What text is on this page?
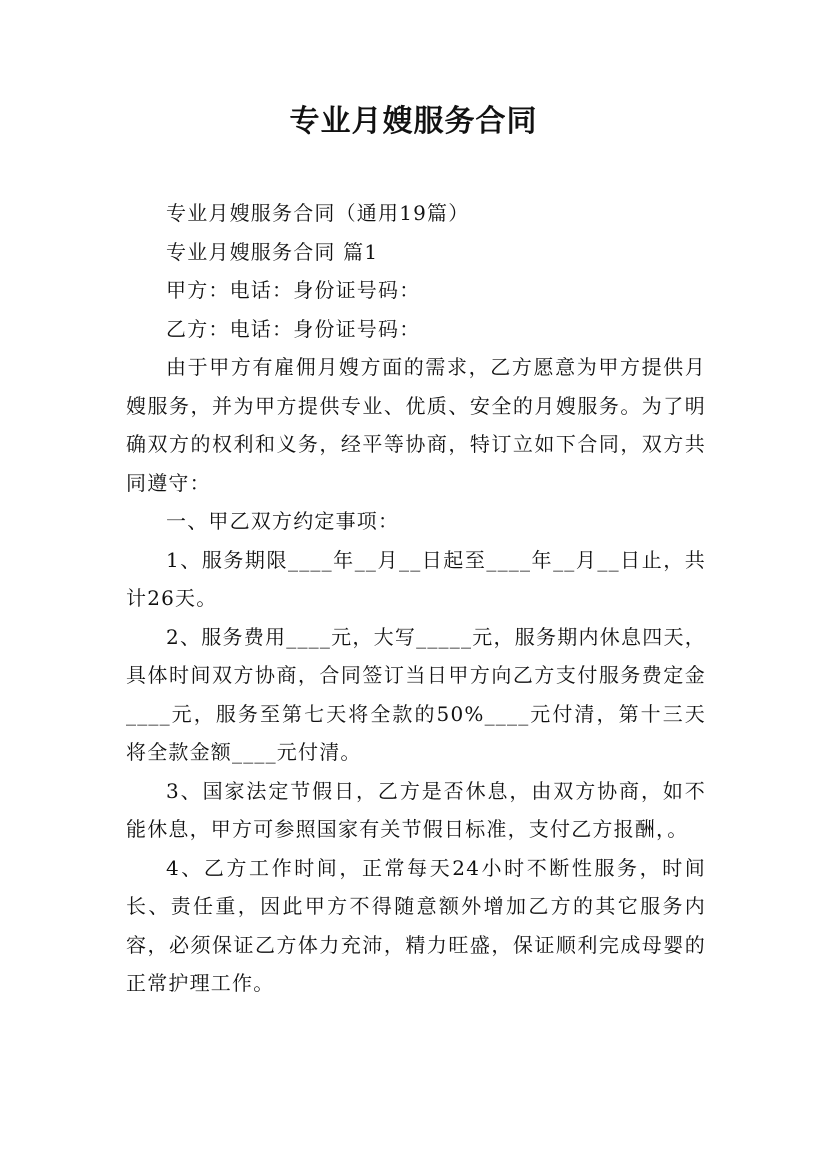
专业月嫂服务合同

专业月嫂服务合同（通用19篇）

专业月嫂服务合同 篇1

甲方：电话：身份证号码：

乙方：电话：身份证号码：

由于甲方有雇佣月嫂方面的需求，乙方愿意为甲方提供月嫂服务，并为甲方提供专业、优质、安全的月嫂服务。为了明确双方的权利和义务，经平等协商，特订立如下合同，双方共同遵守：

一、甲乙双方约定事项：

1、服务期限____年__月__日起至____年__月__日止，共计26天。

2、服务费用____元，大写_____元，服务期内休息四天，具体时间双方协商，合同签订当日甲方向乙方支付服务费定金____元，服务至第七天将全款的50%____元付清，第十三天将全款金额____元付清。

3、国家法定节假日，乙方是否休息，由双方协商，如不能休息，甲方可参照国家有关节假日标准，支付乙方报酬，。

4、乙方工作时间，正常每天24小时不断性服务，时间长、责任重，因此甲方不得随意额外增加乙方的其它服务内容，必须保证乙方体力充沛，精力旺盛，保证顺利完成母婴的正常护理工作。
